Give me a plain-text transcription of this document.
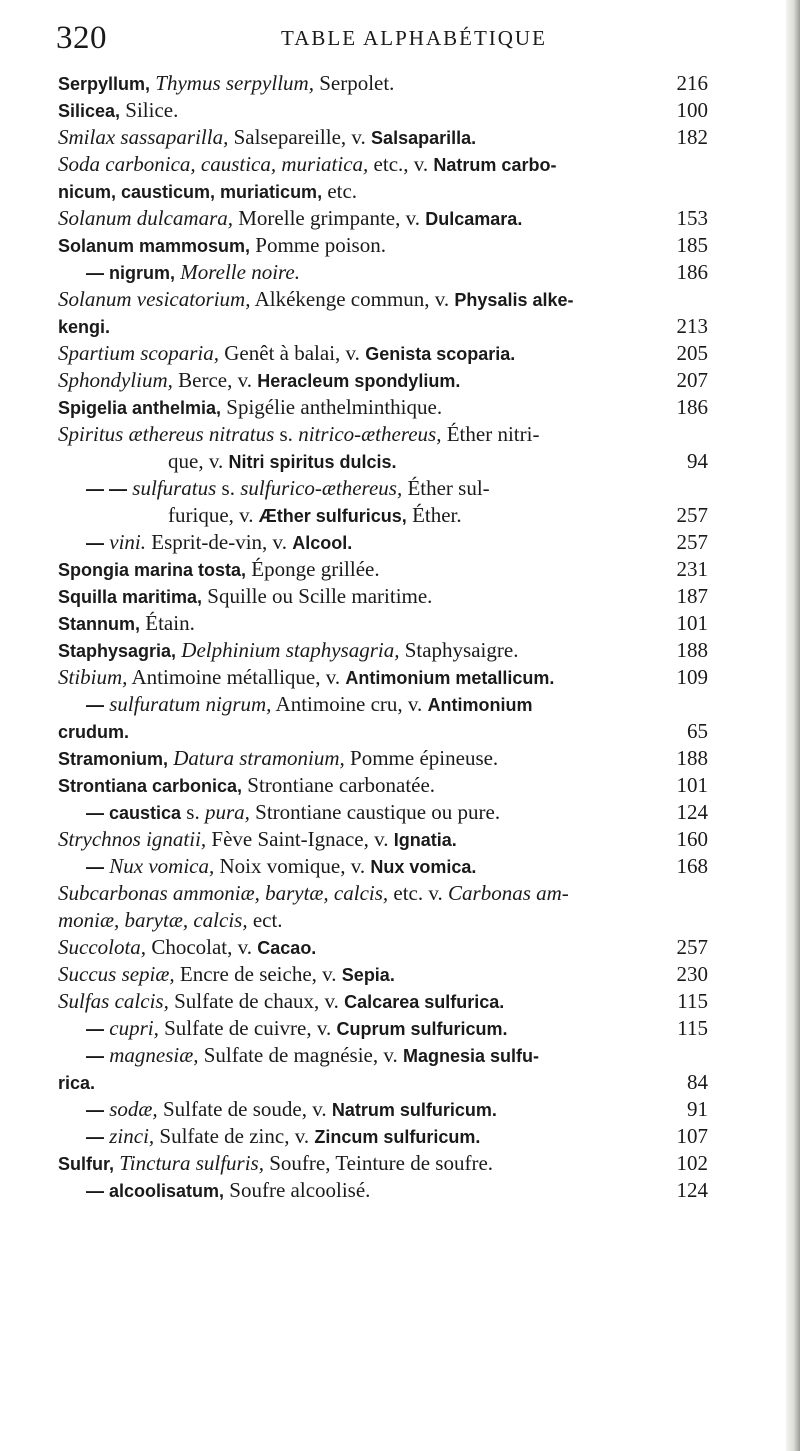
320	TABLE ALPHABÉTIQUE
Serpyllum, Thymus serpyllum, Serpolet.	216
Silicea, Silice.	100
Smilax sassaparilla, Salsepareille, v. Salsaparilla.	182
Soda carbonica, caustica, muriatica, etc., v. Natrum carbo-
nicum, causticum, muriaticum, etc.
Solanum dulcamara, Morelle grimpante, v. Dulcamara.	153
Solanum mammosum, Pomme poison.	185
— nigrum, Morelle noire.	186
Solanum vesicatorium, Alkékenge commun, v. Physalis alke-
kengi.	213
Spartium scoparia, Genêt à balai, v. Genista scoparia.	205
Sphondylium, Berce, v. Heracleum spondylium.	207
Spigelia anthelmia, Spigélie anthelminthique.	186
Spiritus æthereus nitratus s. nitrico-æthereus, Éther nitri-
que, v. Nitri spiritus dulcis.	94
— — sulfuratus s. sulfurico-æthereus, Éther sul-
furique, v. Æther sulfuricus, Éther.	257
— vini. Esprit-de-vin, v. Alcool.	257
Spongia marina tosta, Éponge grillée.	231
Squilla maritima, Squille ou Scille maritime.	187
Stannum, Étain.	101
Staphysagria, Delphinium staphysagria, Staphysaigre.	188
Stibium, Antimoine métallique, v. Antimonium metallicum.	109
— sulfuratum nigrum, Antimoine cru, v. Antimonium
crudum.	65
Stramonium, Datura stramonium, Pomme épineuse.	188
Strontiana carbonica, Strontiane carbonatée.	101
— caustica s. pura, Strontiane caustique ou pure.	124
Strychnos ignatii, Fève Saint-Ignace, v. Ignatia.	160
— Nux vomica, Noix vomique, v. Nux vomica.	168
Subcarbonas ammoniæ, barytæ, calcis, etc. v. Carbonas am-
moniæ, barytæ, calcis, ect.
Succolota, Chocolat, v. Cacao.	257
Succus sepiæ, Encre de seiche, v. Sepia.	230
Sulfas calcis, Sulfate de chaux, v. Calcarea sulfurica.	115
— cupri, Sulfate de cuivre, v. Cuprum sulfuricum.	115
— magnesiæ, Sulfate de magnésie, v. Magnesia sulfu-
rica.	84
— sodæ, Sulfate de soude, v. Natrum sulfuricum.	91
— zinci, Sulfate de zinc, v. Zincum sulfuricum.	107
Sulfur, Tinctura sulfuris, Soufre, Teinture de soufre.	102
— alcoolisatum, Soufre alcoolisé.	124
